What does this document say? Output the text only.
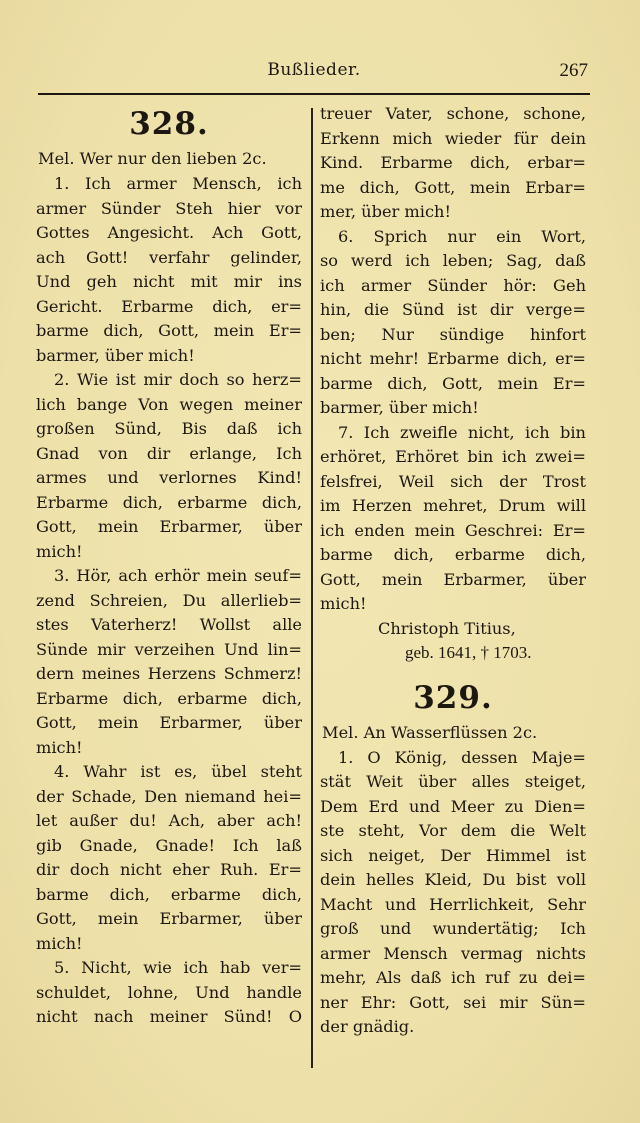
Bußlieder.	267
328.
Mel. Wer nur den lieben 2c.
1. Ich armer Mensch, ich
armer Sünder Steh hier vor
Gottes Angesicht. Ach Gott,
ach Gott! verfahr gelinder,
Und geh nicht mit mir ins
Gericht. Erbarme dich, er=
barme dich, Gott, mein Er=
barmer, über mich!
2. Wie ist mir doch so herz=
lich bange Von wegen meiner
großen Sünd, Bis daß ich
Gnad von dir erlange, Ich
armes und verlornes Kind!
Erbarme dich, erbarme dich,
Gott, mein Erbarmer, über
mich!
3. Hör, ach erhör mein seuf=
zend Schreien, Du allerlieb=
stes Vaterherz! Wollst alle
Sünde mir verzeihen Und lin=
dern meines Herzens Schmerz!
Erbarme dich, erbarme dich,
Gott, mein Erbarmer, über
mich!
4. Wahr ist es, übel steht
der Schade, Den niemand hei=
let außer du! Ach, aber ach!
gib Gnade, Gnade! Ich laß
dir doch nicht eher Ruh. Er=
barme dich, erbarme dich,
Gott, mein Erbarmer, über
mich!
5. Nicht, wie ich hab ver=
schuldet, lohne, Und handle
nicht nach meiner Sünd! O
treuer Vater, schone, schone,
Erkenn mich wieder für dein
Kind. Erbarme dich, erbar=
me dich, Gott, mein Erbar=
mer, über mich!
6. Sprich nur ein Wort,
so werd ich leben; Sag, daß
ich armer Sünder hör: Geh
hin, die Sünd ist dir verge=
ben; Nur sündige hinfort
nicht mehr! Erbarme dich, er=
barme dich, Gott, mein Er=
barmer, über mich!
7. Ich zweifle nicht, ich bin
erhöret, Erhöret bin ich zwei=
felsfrei, Weil sich der Trost
im Herzen mehret, Drum will
ich enden mein Geschrei: Er=
barme dich, erbarme dich,
Gott, mein Erbarmer, über
mich!
Christoph Titius,
geb. 1641, † 1703.
329.
Mel. An Wasserflüssen 2c.
1. O König, dessen Maje=
stät Weit über alles steiget,
Dem Erd und Meer zu Dien=
ste steht, Vor dem die Welt
sich neiget, Der Himmel ist
dein helles Kleid, Du bist voll
Macht und Herrlichkeit, Sehr
groß und wundertätig; Ich
armer Mensch vermag nichts
mehr, Als daß ich ruf zu dei=
ner Ehr: Gott, sei mir Sün=
der gnädig.
